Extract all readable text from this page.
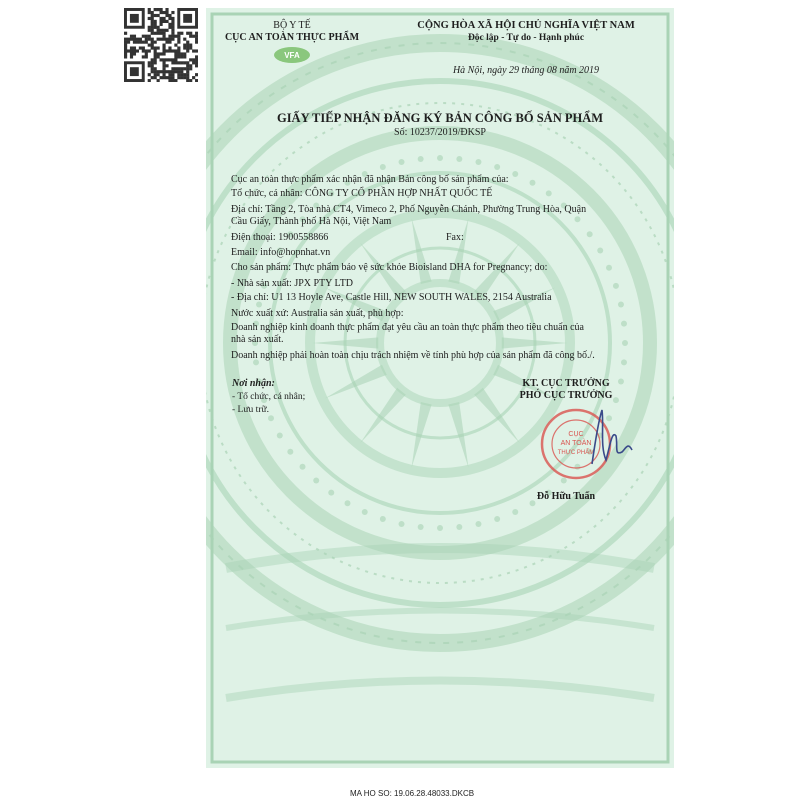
BỘ Y TẾ
CỤC AN TOÀN THỰC PHẨM
VFA
CỘNG HÒA XÃ HỘI CHỦ NGHĨA VIỆT NAM
Độc lập - Tự do - Hạnh phúc
Hà Nội, ngày 29 tháng 08 năm 2019
GIẤY TIẾP NHẬN ĐĂNG KÝ BẢN CÔNG BỐ SẢN PHẨM
Số: 10237/2019/ĐKSP
Cục an toàn thực phẩm xác nhận đã nhận Bản công bố sản phẩm của:
Tổ chức, cá nhân: CÔNG TY CỔ PHẦN HỢP NHẤT QUỐC TẾ
Địa chỉ: Tầng 2, Tòa nhà CT4, Vimeco 2, Phố Nguyễn Chánh, Phường Trung Hòa, Quận
Cầu Giấy, Thành phố Hà Nội, Việt Nam
Điện thoại: 1900558866	Fax:
Email: info@hopnhat.vn
Cho sản phẩm: Thực phẩm bảo vệ sức khỏe Bioisland DHA for Pregnancy; do:
- Nhà sản xuất: JPX PTY LTD
- Địa chỉ: U1 13 Hoyle Ave, Castle Hill, NEW SOUTH WALES, 2154 Australia
Nước xuất xứ: Australia sản xuất, phù hợp:
Doanh nghiệp kinh doanh thực phẩm đạt yêu cầu an toàn thực phẩm theo tiêu chuẩn của
nhà sản xuất.
Doanh nghiệp phải hoàn toàn chịu trách nhiệm về tính phù hợp của sản phẩm đã công bố./.
Nơi nhận:
- Tổ chức, cá nhân;
- Lưu trữ.
KT. CỤC TRƯỞNG
PHÓ CỤC TRƯỞNG
CỤC
AN TOÀN
THỰC PHẨM
Đỗ Hữu Tuấn
MA HO SO: 19.06.28.48033.DKCB
